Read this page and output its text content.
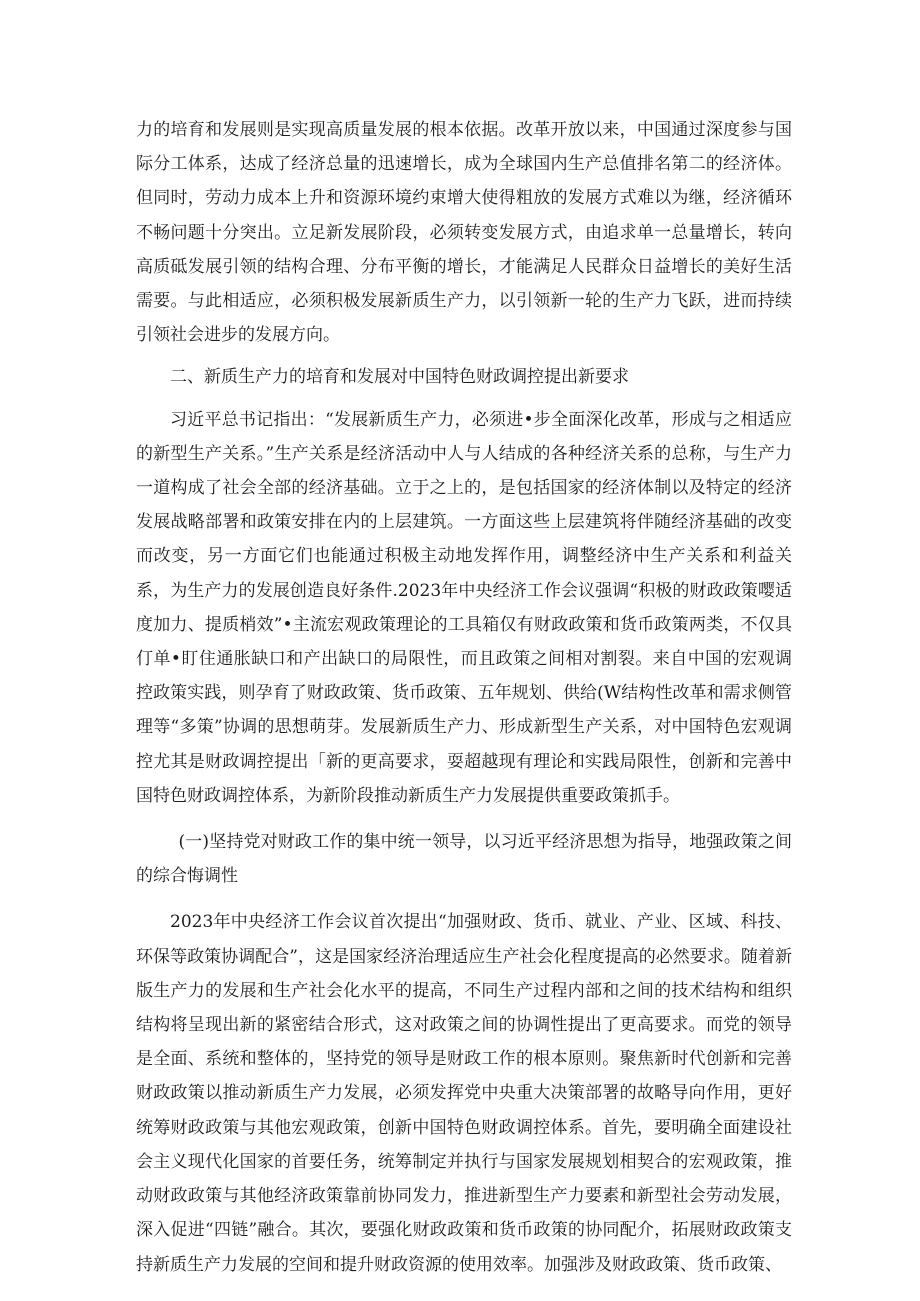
力的培育和发展则是实现高质量发展的根本依据。改革开放以来，中国通过深度参与国际分工体系，达成了经济总量的迅速增长，成为全球国内生产总值排名第二的经济体。但同时，劳动力成本上升和资源环境约束增大使得粗放的发展方式难以为继，经济循环不畅问题十分突出。立足新发展阶段，必须转变发展方式，由追求单一总量增长，转向高质砥发展引领的结构合理、分布平衡的增长，才能满足人民群众日益增长的美好生活需要。与此相适应，必须积极发展新质生产力，以引领新一轮的生产力飞跃，进而持续引领社会进步的发展方向。

二、新质生产力的培育和发展对中国特色财政调控提出新要求

习近平总书记指出：“发展新质生产力，必须进•步全面深化改革，形成与之相适应的新型生产关系。”生产关系是经济活动中人与人结成的各种经济关系的总称，与生产力一道构成了社会全部的经济基础。立于之上的，是包括国家的经济体制以及特定的经济发展战略部署和政策安排在内的上层建筑。一方面这些上层建筑将伴随经济基础的改变而改变，另一方面它们也能通过积极主动地发挥作用，调整经济中生产关系和利益关系，为生产力的发展创造良好条件.2023年中央经济工作会议强调“积极的财政政策嘤适度加力、提质梢效”•主流宏观政策理论的工具箱仅有财政政策和货币政策两类，不仅具仃单•盯住通胀缺口和产出缺口的局限性，而且政策之间相对割裂。来自中国的宏观调控政策实践，则孕育了财政政策、货币政策、五年规划、供给(W结构性改革和需求侧管理等“多策”协调的思想萌芽。发展新质生产力、形成新型生产关系，对中国特色宏观调控尤其是财政调控提出「新的更高要求，耍超越现有理论和实践局限性，创新和完善中国特色财政调控体系，为新阶段推动新质生产力发展提供重要政策抓手。

(一)坚持党对财政工作的集中统一领导，以习近平经济思想为指导，地强政策之间的综合悔调性

2023年中央经济工作会议首次提出“加强财政、货币、就业、产业、区域、科技、环保等政策协调配合”，这是国家经济治理适应生产社会化程度提高的必然要求。随着新版生产力的发展和生产社会化水平的提高，不同生产过程内部和之间的技术结构和组织结构将呈现出新的紧密结合形式，这对政策之间的协调性提出了更高要求。而党的领导是全面、系统和整体的，坚持党的领导是财政工作的根本原则。聚焦新时代创新和完善财政政策以推动新质生产力发展，必须发挥党中央重大决策部署的故略导向作用，更好统筹财政政策与其他宏观政策，创新中国特色财政调控体系。首先，要明确全面建设社会主义现代化国家的首要任务，统筹制定并执行与国家发展规划相契合的宏观政策，推动财政政策与其他经济政策靠前协同发力，推进新型生产力要素和新型社会劳动发展，深入促进“四链”融合。其次，要强化财政政策和货币政策的协同配介，拓展财政政策支持新质生产力发展的空间和提升财政资源的使用效率。加强涉及财政政策、货币政策、
